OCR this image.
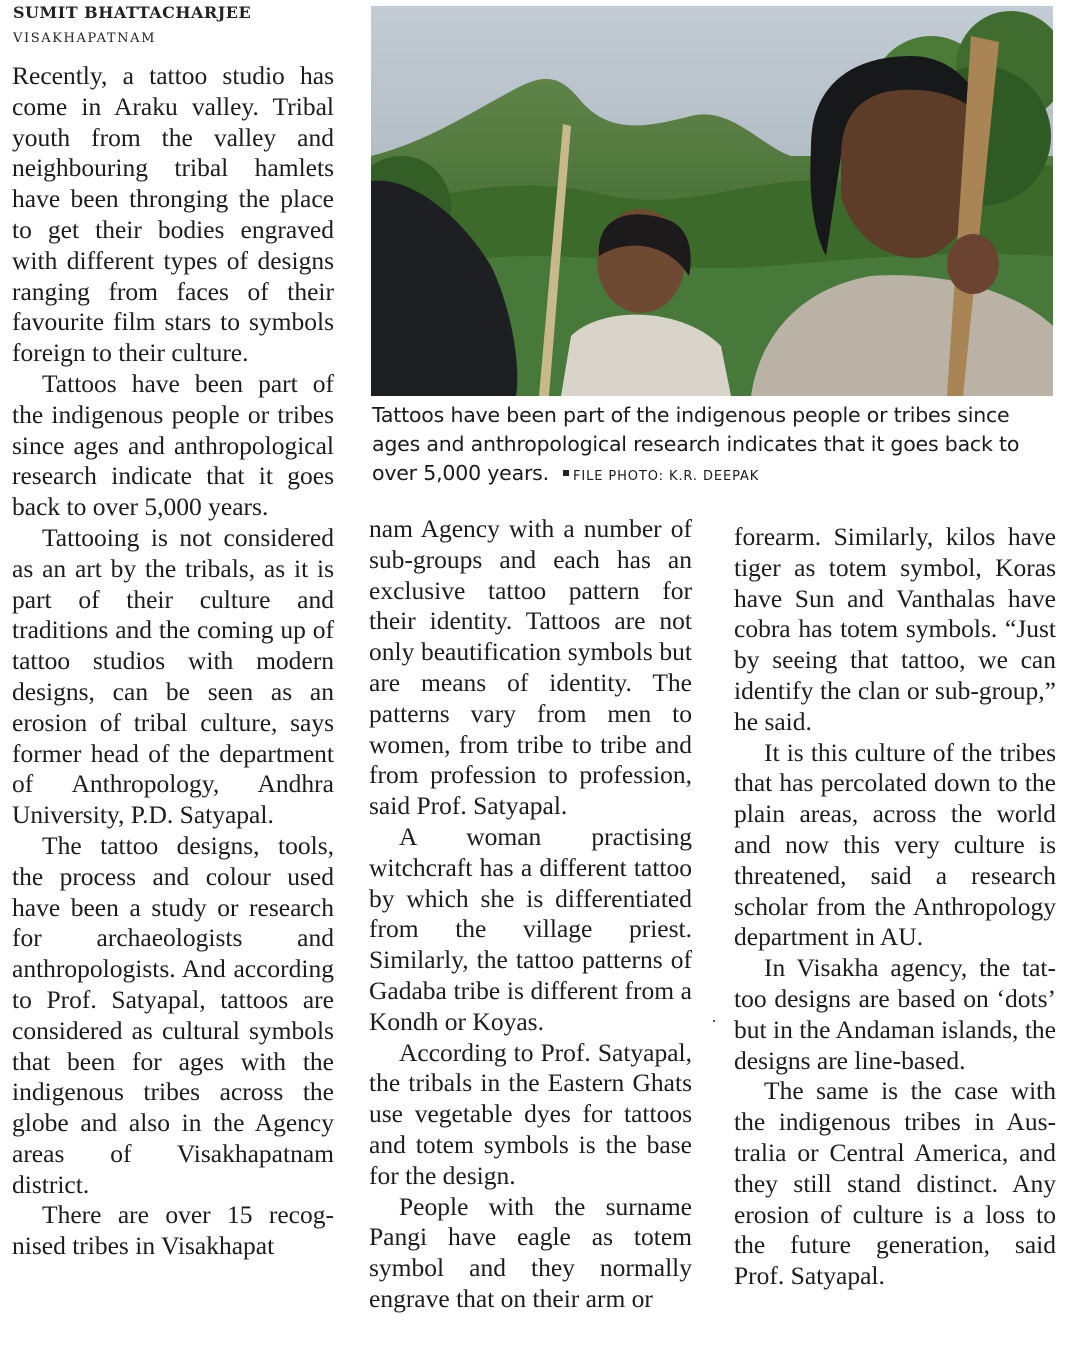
SUMIT BHATTACHARJEE
VISAKHAPATNAM

Recently, a tattoo studio has come in Araku valley. Tribal youth from the valley and neighbouring tribal hamlets have been thronging the place to get their bodies engraved with different types of designs ranging from faces of their favourite film stars to symbols foreign to their culture.

Tattoos have been part of the indigenous people or tribes since ages and anthropological research indicate that it goes back to over 5,000 years.

Tattooing is not considered as an art by the tribals, as it is part of their culture and traditions and the coming up of tattoo studios with modern designs, can be seen as an erosion of tribal culture, says former head of the department of Anthropology, Andhra University, P.D. Satyapal.

The tattoo designs, tools, the process and colour used have been a study or research for archaeologists and anthropologists. And according to Prof. Satyapal, tattoos are considered as cultural symbols that been for ages with the indigenous tribes across the globe and also in the Agency areas of Visakhapatnam district.

There are over 15 recognised tribes in Visakhapat

Tattoos have been part of the indigenous people or tribes since ages and anthropological research indicates that it goes back to over 5,000 years. FILE PHOTO: K.R. DEEPAK

nam Agency with a number of sub-groups and each has an exclusive tattoo pattern for their identity. Tattoos are not only beautification symbols but are means of identity. The patterns vary from men to women, from tribe to tribe and from profession to profession, said Prof. Satyapal.

A woman practising witchcraft has a different tattoo by which she is differentiated from the village priest. Similarly, the tattoo patterns of Gadaba tribe is different from a Kondh or Koyas.

According to Prof. Satyapal, the tribals in the Eastern Ghats use vegetable dyes for tattoos and totem symbols is the base for the design.

People with the surname Pangi have eagle as totem symbol and they normally engrave that on their arm or

forearm. Similarly, kilos have tiger as totem symbol, Koras have Sun and Vanthalas have cobra has totem symbols. “Just by seeing that tattoo, we can identify the clan or sub-group,” he said.

It is this culture of the tribes that has percolated down to the plain areas, across the world and now this very culture is threatened, said a research scholar from the Anthropology department in AU.

In Visakha agency, the tattoo designs are based on ‘dots’ but in the Andaman islands, the designs are line-based.

The same is the case with the indigenous tribes in Australia or Central America, and they still stand distinct. Any erosion of culture is a loss to the future generation, said Prof. Satyapal.
